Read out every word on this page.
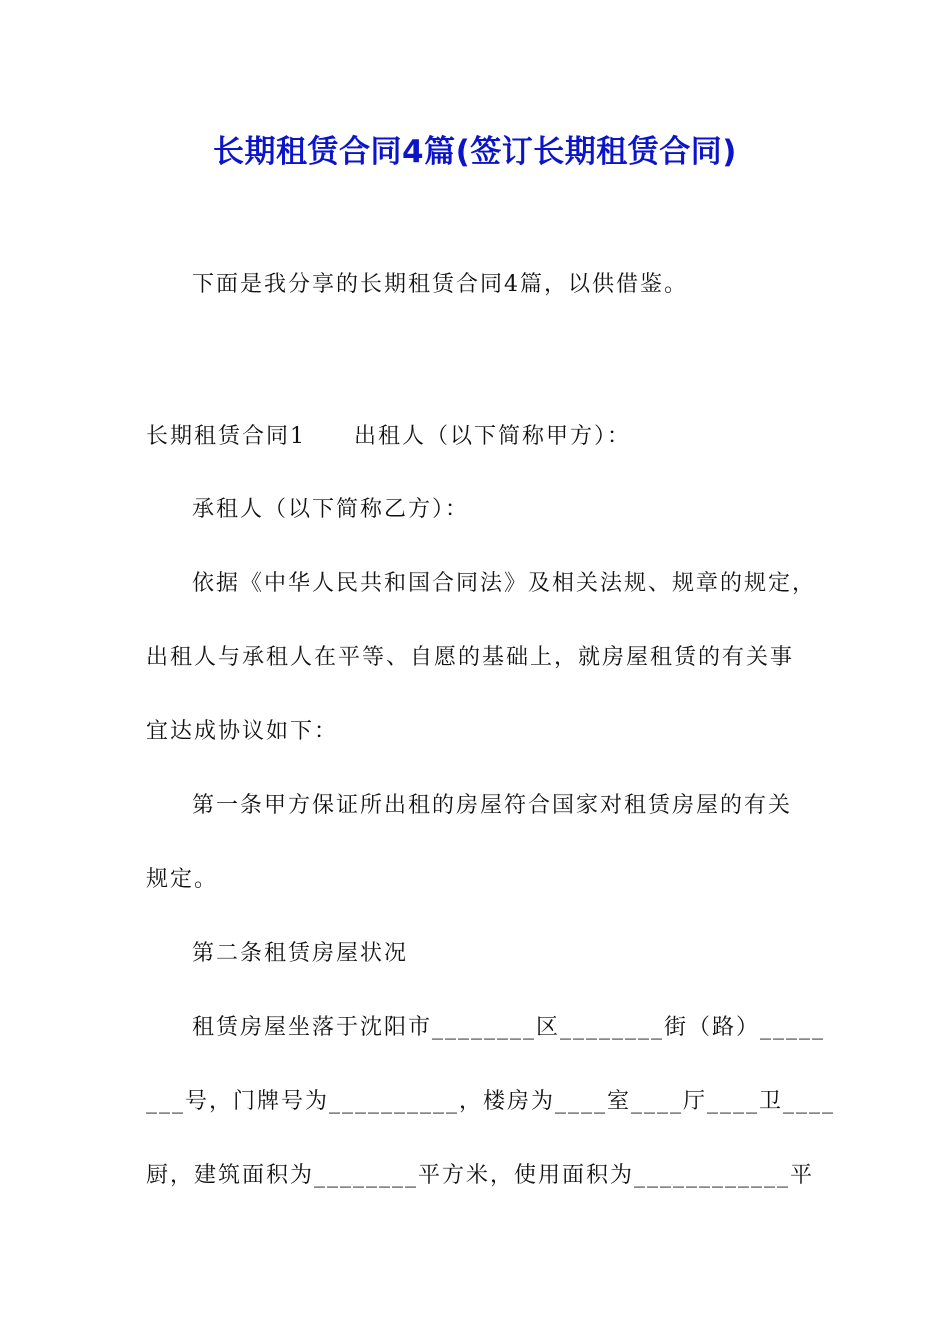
长期租赁合同4篇(签订长期租赁合同)
下面是我分享的长期租赁合同4篇，以供借鉴。
长期租赁合同1 出租人（以下简称甲方）：
承租人（以下简称乙方）：
依据《中华人民共和国合同法》及相关法规、规章的规定，
出租人与承租人在平等、自愿的基础上，就房屋租赁的有关事
宜达成协议如下：
第一条甲方保证所出租的房屋符合国家对租赁房屋的有关
规定。
第二条租赁房屋状况
租赁房屋坐落于沈阳市________区________街（路）_____
___号，门牌号为__________，楼房为____室____厅____卫____
厨，建筑面积为________平方米，使用面积为____________平
